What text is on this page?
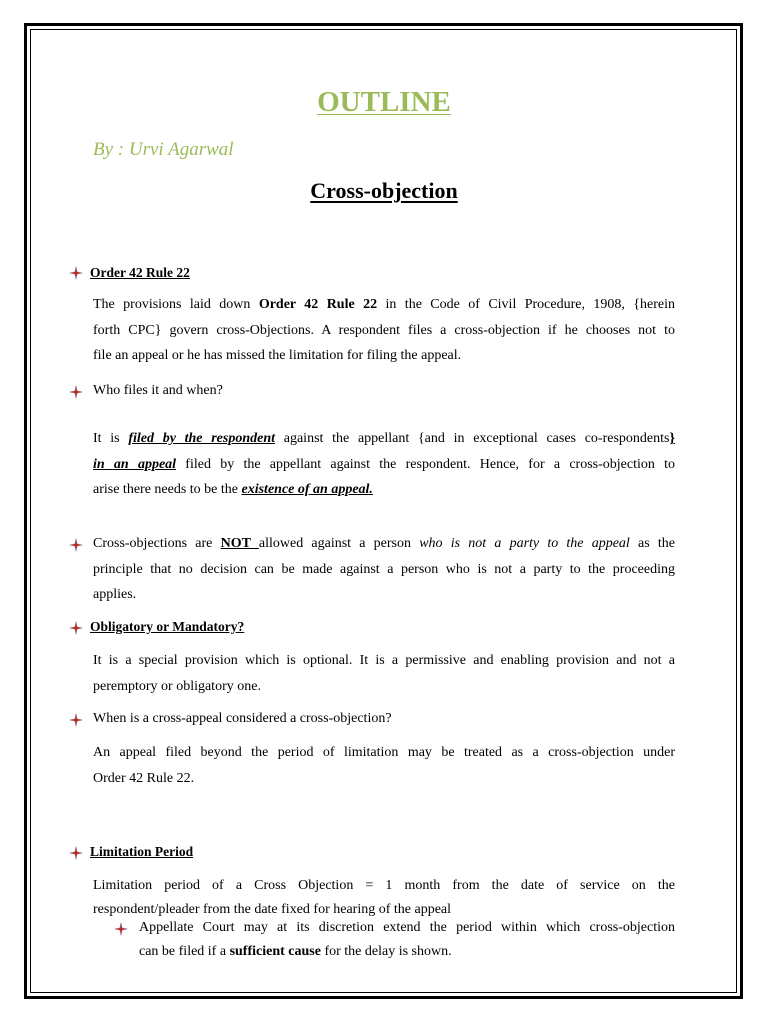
OUTLINE
By : Urvi Agarwal
Cross-objection
Order 42 Rule 22
The provisions laid down Order 42 Rule 22 in the Code of Civil Procedure, 1908, {herein
forth CPC} govern cross-Objections. A respondent files a cross-objection if he chooses not to
file an appeal or he has missed the limitation for filing the appeal.
Who files it and when?
It is filed by the respondent against the appellant {and in exceptional cases co-respondents}
in an appeal filed by the appellant against the respondent. Hence, for a cross-objection to
arise there needs to be the existence of an appeal.
Cross-objections are NOT allowed against a person who is not a party to the appeal as the
principle that no decision can be made against a person who is not a party to the proceeding
applies.
Obligatory or Mandatory?
It is a special provision which is optional. It is a permissive and enabling provision and not a
peremptory or obligatory one.
When is a cross-appeal considered a cross-objection?
An appeal filed beyond the period of limitation may be treated as a cross-objection under
Order 42 Rule 22.
Limitation Period
Limitation period of a Cross Objection = 1 month from the date of service on the
respondent/pleader from the date fixed for hearing of the appeal
Appellate Court may at its discretion extend the period within which cross-objection
can be filed if a sufficient cause for the delay is shown.
